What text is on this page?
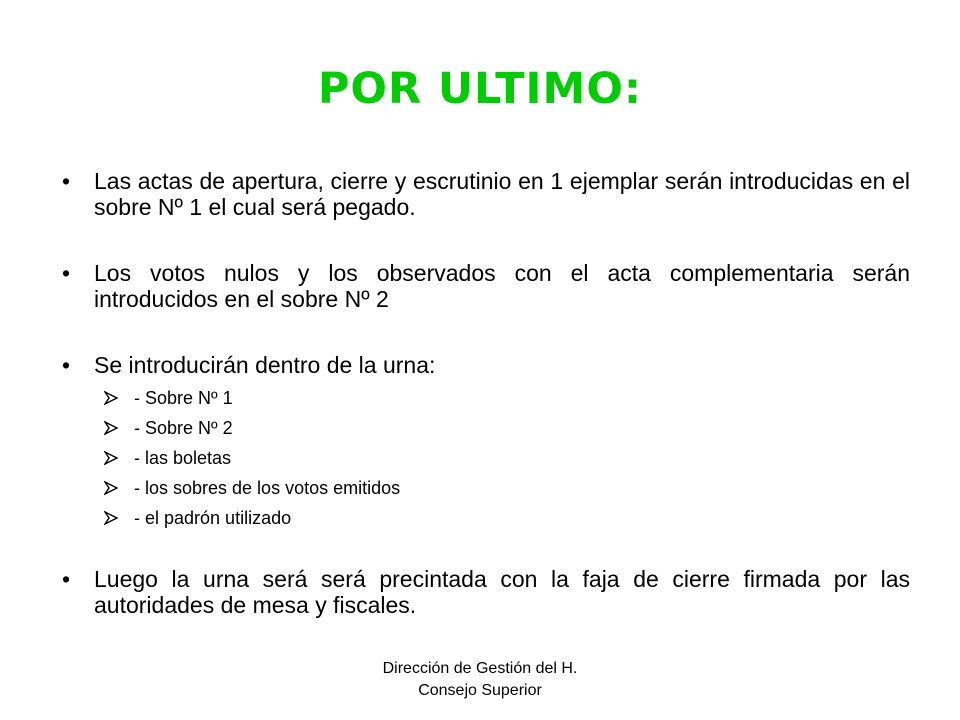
POR ULTIMO:
• Las actas de apertura, cierre y escrutinio en 1 ejemplar serán introducidas en el sobre Nº 1 el cual será pegado.
• Los votos nulos y los observados con el acta complementaria serán introducidos en el sobre Nº 2
• Se introducirán dentro de la urna:
- Sobre Nº 1
- Sobre Nº 2
- las boletas
- los sobres de los votos emitidos
- el padrón utilizado
• Luego la urna será será precintada con la faja de cierre firmada por las autoridades de mesa y fiscales.
Dirección de Gestión del H.
Consejo Superior
